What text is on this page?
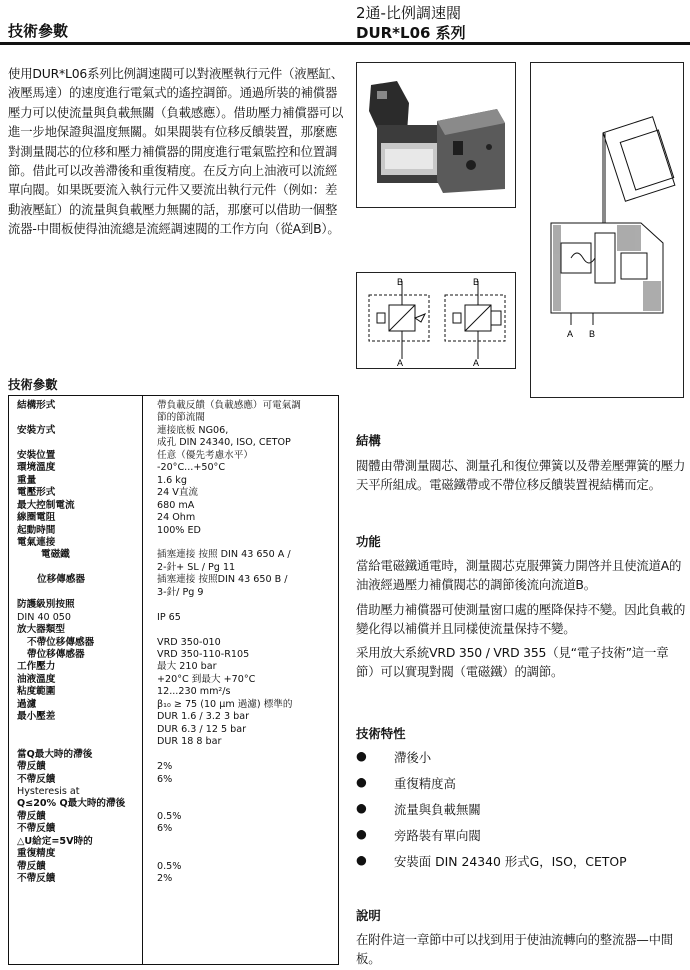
技術參數
2通-比例調速閥
DUR*L06 系列
使用DUR*L06系列比例調速閥可以對液壓執行元件（液壓缸、液壓馬達）的速度進行電氣式的遙控調節。通過所裝的補償器壓力可以使流量與負載無關（負載感應）。借助壓力補償器可以進一步地保證與溫度無關。如果閥裝有位移反饋裝置，那麼應對測量閥芯的位移和壓力補償器的開度進行電氣監控和位置調節。借此可以改善滯後和重復精度。在反方向上油液可以流經單向閥。如果既要流入執行元件又要流出執行元件（例如：差動液壓缸）的流量與負載壓力無關的話，那麼可以借助一個整流器-中間板使得油流總是流經調速閥的工作方向（從A到B）。
B
A
B
A
A B
技術參數
結構形式	帶負載反饋（負載感應）可電氣調
節的節流閥
安裝方式	連接底板 NG06,
成孔 DIN 24340, ISO, CETOP
安裝位置	任意（優先考慮水平）
環境溫度	-20°C...+50°C
重量	1.6 kg
電壓形式	24 V直流
最大控制電流	680 mA
線圈電阻	24 Ohm
起動時間	100% ED
電氣連接
電磁鐵	插塞連接 按照 DIN 43 650 A /
2-針+ SL / Pg 11
位移傳感器	插塞連接 按照DIN 43 650 B /
3-針/ Pg 9
防護級別按照
DIN 40 050	IP 65
放大器類型
不帶位移傳感器	VRD 350-010
帶位移傳感器	VRD 350-110-R105
工作壓力	最大 210 bar
油液溫度	+20°C 到最大 +70°C
粘度範圍	12...230 mm²/s
過濾	β₁₀ ≥ 75 (10 μm 過濾) 標準的
最小壓差	DUR 1.6 / 3.2 3 bar
DUR 6.3 / 12 5 bar
DUR 18 8 bar
當Q最大時的滯後
帶反饋	2%
不帶反饋	6%
Hysteresis at
Q≤20% Q最大時的滯後
帶反饋	0.5%
不帶反饋	6%
△U給定=5V時的
重復精度
帶反饋	0.5%
不帶反饋	2%
結構
閥體由帶測量閥芯、測量孔和復位彈簧以及帶差壓彈簧的壓力天平所組成。電磁鐵帶或不帶位移反饋裝置視結構而定。
功能
當給電磁鐵通電時，測量閥芯克服彈簧力開啓并且使流道A的油液經過壓力補償閥芯的調節後流向流道B。
借助壓力補償器可使測量窗口處的壓降保持不變。因此負載的變化得以補償并且同樣使流量保持不變。
采用放大系統VRD 350 / VRD 355（見“電子技術”這一章節）可以實現對閥（電磁鐵）的調節。
技術特性
● 滯後小
● 重復精度高
● 流量與負載無關
● 旁路裝有單向閥
● 安裝面 DIN 24340 形式G，ISO，CETOP
說明
在附件這一章節中可以找到用于使油流轉向的整流器—中間板。
